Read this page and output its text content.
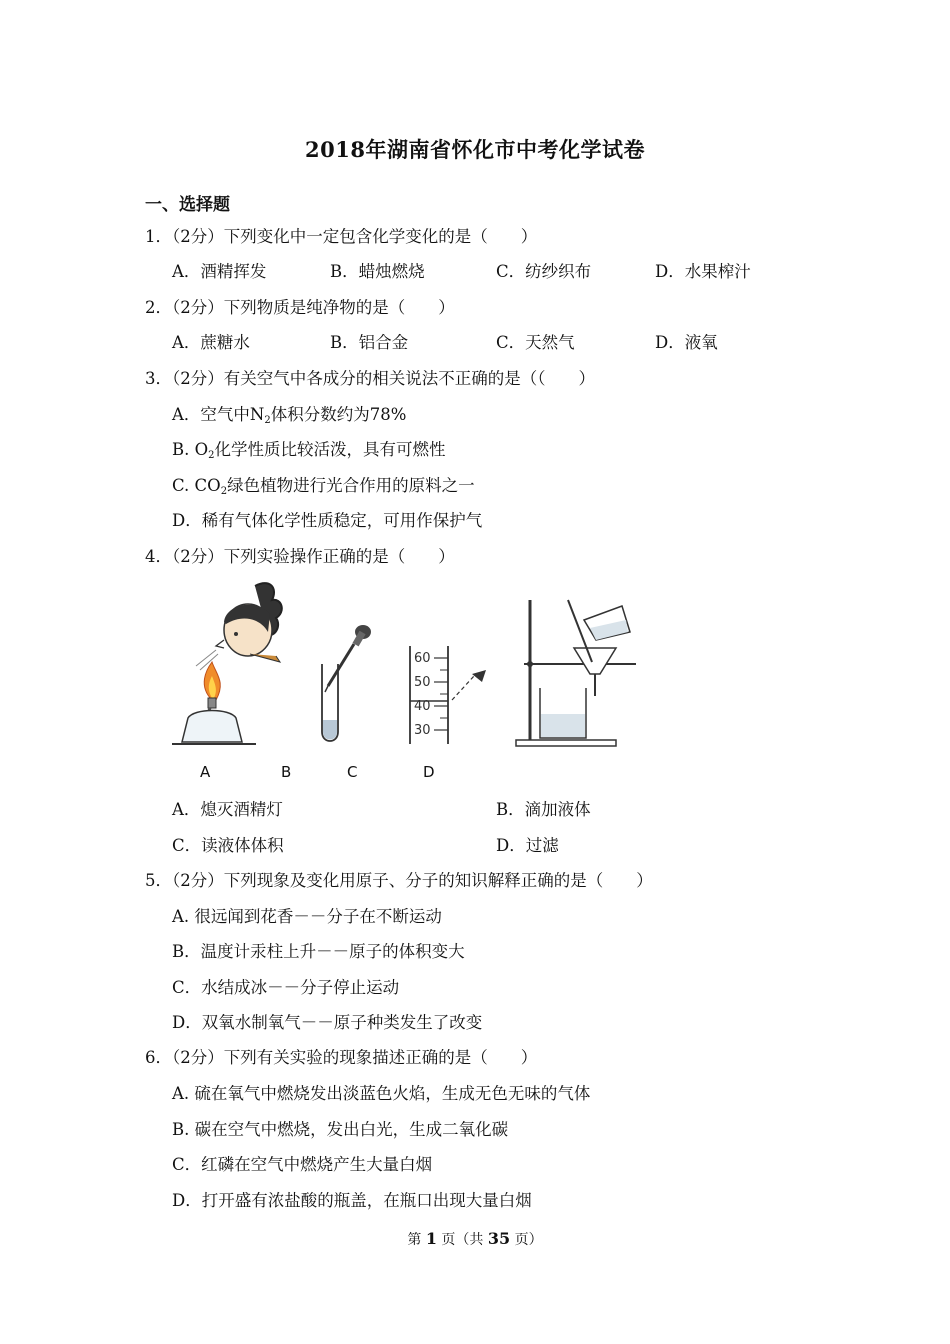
2018年湖南省怀化市中考化学试卷
一、选择题
1．（2分）下列变化中一定包含化学变化的是（　　）
A．酒精挥发	B．蜡烛燃烧	C．纺纱织布	D．水果榨汁
2．（2分）下列物质是纯净物的是（　　）
A．蔗糖水	B．铝合金	C．天然气	D．液氧
3．（2分）有关空气中各成分的相关说法不正确的是（（　　）
A．空气中$N_2$体积分数约为78%
B. $O_2$化学性质比较活泼，具有可燃性
C. $CO_2$绿色植物进行光合作用的原料之一
D．稀有气体化学性质稳定，可用作保护气
4．（2分）下列实验操作正确的是（　　）
60
50
40
30
A	B	C	D
A．熄灭酒精灯	B．滴加液体
C．读液体体积	D．过滤
5．（2分）下列现象及变化用原子、分子的知识解释正确的是（　　）
A. 很远闻到花香－－分子在不断运动
B．温度计汞柱上升－－原子的体积变大
C．水结成冰－－分子停止运动
D．双氧水制氧气－－原子种类发生了改变
6．（2分）下列有关实验的现象描述正确的是（　　）
A. 硫在氧气中燃烧发出淡蓝色火焰，生成无色无味的气体
B. 碳在空气中燃烧，发出白光，生成二氧化碳
C．红磷在空气中燃烧产生大量白烟
D．打开盛有浓盐酸的瓶盖，在瓶口出现大量白烟
第 1 页（共 35 页）
